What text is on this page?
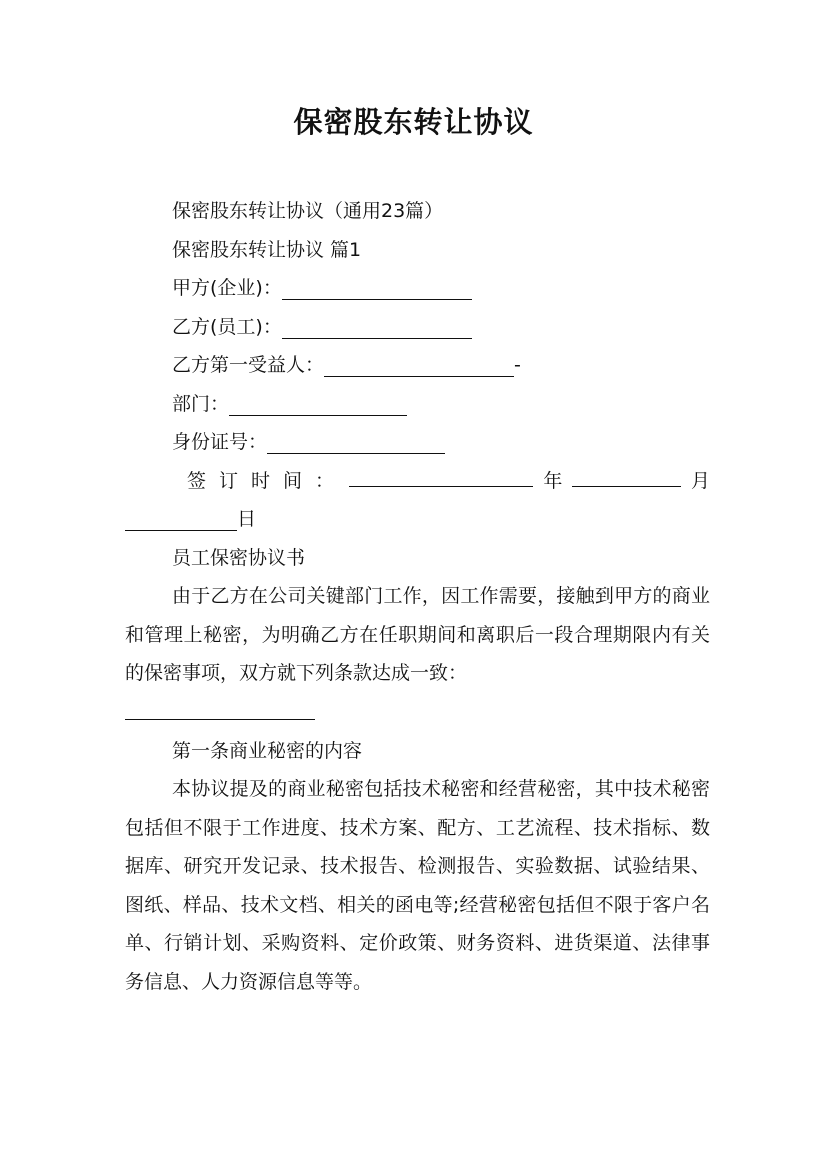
保密股东转让协议

保密股东转让协议（通用23篇）

保密股东转让协议 篇1

甲方(企业)：

乙方(员工)：

乙方第一受益人：	-

部门：

身份证号：

签订时间：	年	月

日

员工保密协议书

由于乙方在公司关键部门工作，因工作需要，接触到甲方的商业和管理上秘密，为明确乙方在任职期间和离职后一段合理期限内有关的保密事项，双方就下列条款达成一致：

第一条商业秘密的内容

本协议提及的商业秘密包括技术秘密和经营秘密，其中技术秘密包括但不限于工作进度、技术方案、配方、工艺流程、技术指标、数据库、研究开发记录、技术报告、检测报告、实验数据、试验结果、图纸、样品、技术文档、相关的函电等;经营秘密包括但不限于客户名单、行销计划、采购资料、定价政策、财务资料、进货渠道、法律事务信息、人力资源信息等等。
